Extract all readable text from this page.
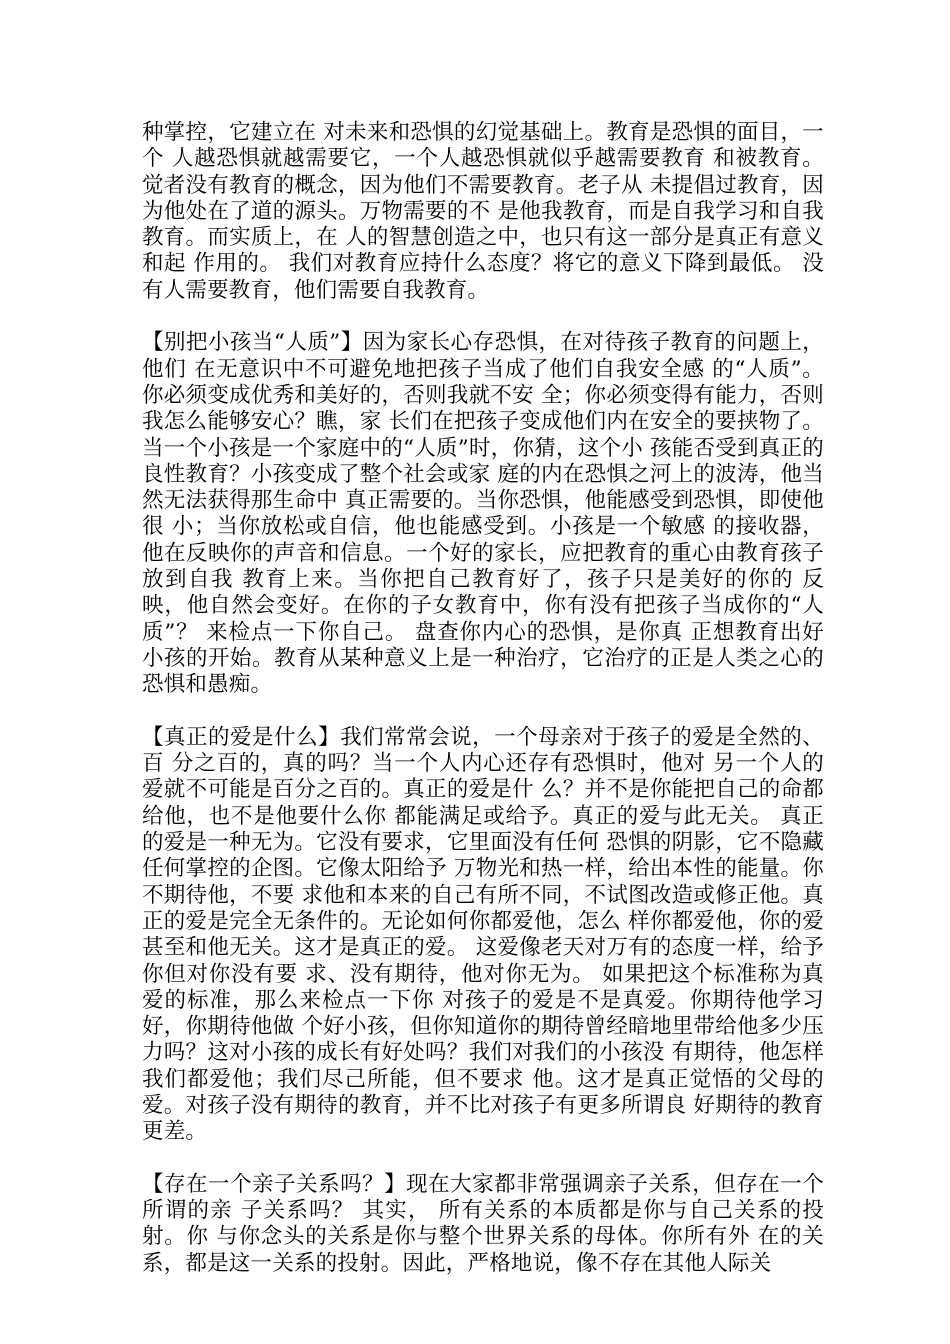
种掌控，它建立在 对未来和恐惧的幻觉基础上。教育是恐惧的面目，一个 人越恐惧就越需要它，一个人越恐惧就似乎越需要教育 和被教育。觉者没有教育的概念，因为他们不需要教育。老子从 未提倡过教育，因为他处在了道的源头。万物需要的不 是他我教育，而是自我学习和自我教育。而实质上，在 人的智慧创造之中，也只有这一部分是真正有意义和起 作用的。 我们对教育应持什么态度？将它的意义下降到最低。 没有人需要教育，他们需要自我教育。

【别把小孩当“人质”】因为家长心存恐惧，在对待孩子教育的问题上，他们 在无意识中不可避免地把孩子当成了他们自我安全感 的“人质”。你必须变成优秀和美好的，否则我就不安 全；你必须变得有能力，否则我怎么能够安心？瞧，家 长们在把孩子变成他们内在安全的要挟物了。当一个小孩是一个家庭中的“人质”时，你猜，这个小 孩能否受到真正的良性教育？小孩变成了整个社会或家 庭的内在恐惧之河上的波涛，他当然无法获得那生命中 真正需要的。当你恐惧，他能感受到恐惧，即使他很 小；当你放松或自信，他也能感受到。小孩是一个敏感 的接收器，他在反映你的声音和信息。一个好的家长，应把教育的重心由教育孩子放到自我 教育上来。当你把自己教育好了，孩子只是美好的你的 反映，他自然会变好。在你的子女教育中，你有没有把孩子当成你的“人 质”？ 来检点一下你自己。 盘查你内心的恐惧，是你真 正想教育出好小孩的开始。教育从某种意义上是一种治疗，它治疗的正是人类之心的恐惧和愚痴。

【真正的爱是什么】我们常常会说，一个母亲对于孩子的爱是全然的、百 分之百的，真的吗？当一个人内心还存有恐惧时，他对 另一个人的爱就不可能是百分之百的。真正的爱是什 么？并不是你能把自己的命都给他，也不是他要什么你 都能满足或给予。真正的爱与此无关。 真正的爱是一种无为。它没有要求，它里面没有任何 恐惧的阴影，它不隐藏任何掌控的企图。它像太阳给予 万物光和热一样，给出本性的能量。你不期待他，不要 求他和本来的自己有所不同，不试图改造或修正他。真正的爱是完全无条件的。无论如何你都爱他，怎么 样你都爱他，你的爱甚至和他无关。这才是真正的爱。 这爱像老天对万有的态度一样，给予你但对你没有要 求、没有期待，他对你无为。 如果把这个标准称为真爱的标准，那么来检点一下你 对孩子的爱是不是真爱。你期待他学习好，你期待他做 个好小孩，但你知道你的期待曾经暗地里带给他多少压 力吗？这对小孩的成长有好处吗？我们对我们的小孩没 有期待，他怎样我们都爱他；我们尽己所能，但不要求 他。这才是真正觉悟的父母的爱。对孩子没有期待的教育，并不比对孩子有更多所谓良 好期待的教育更差。

【存在一个亲子关系吗？】现在大家都非常强调亲子关系，但存在一个所谓的亲 子关系吗？ 其实， 所有关系的本质都是你与自己关系的投射。你 与你念头的关系是你与整个世界关系的母体。你所有外 在的关系，都是这一关系的投射。因此，严格地说，像不存在其他人际关
